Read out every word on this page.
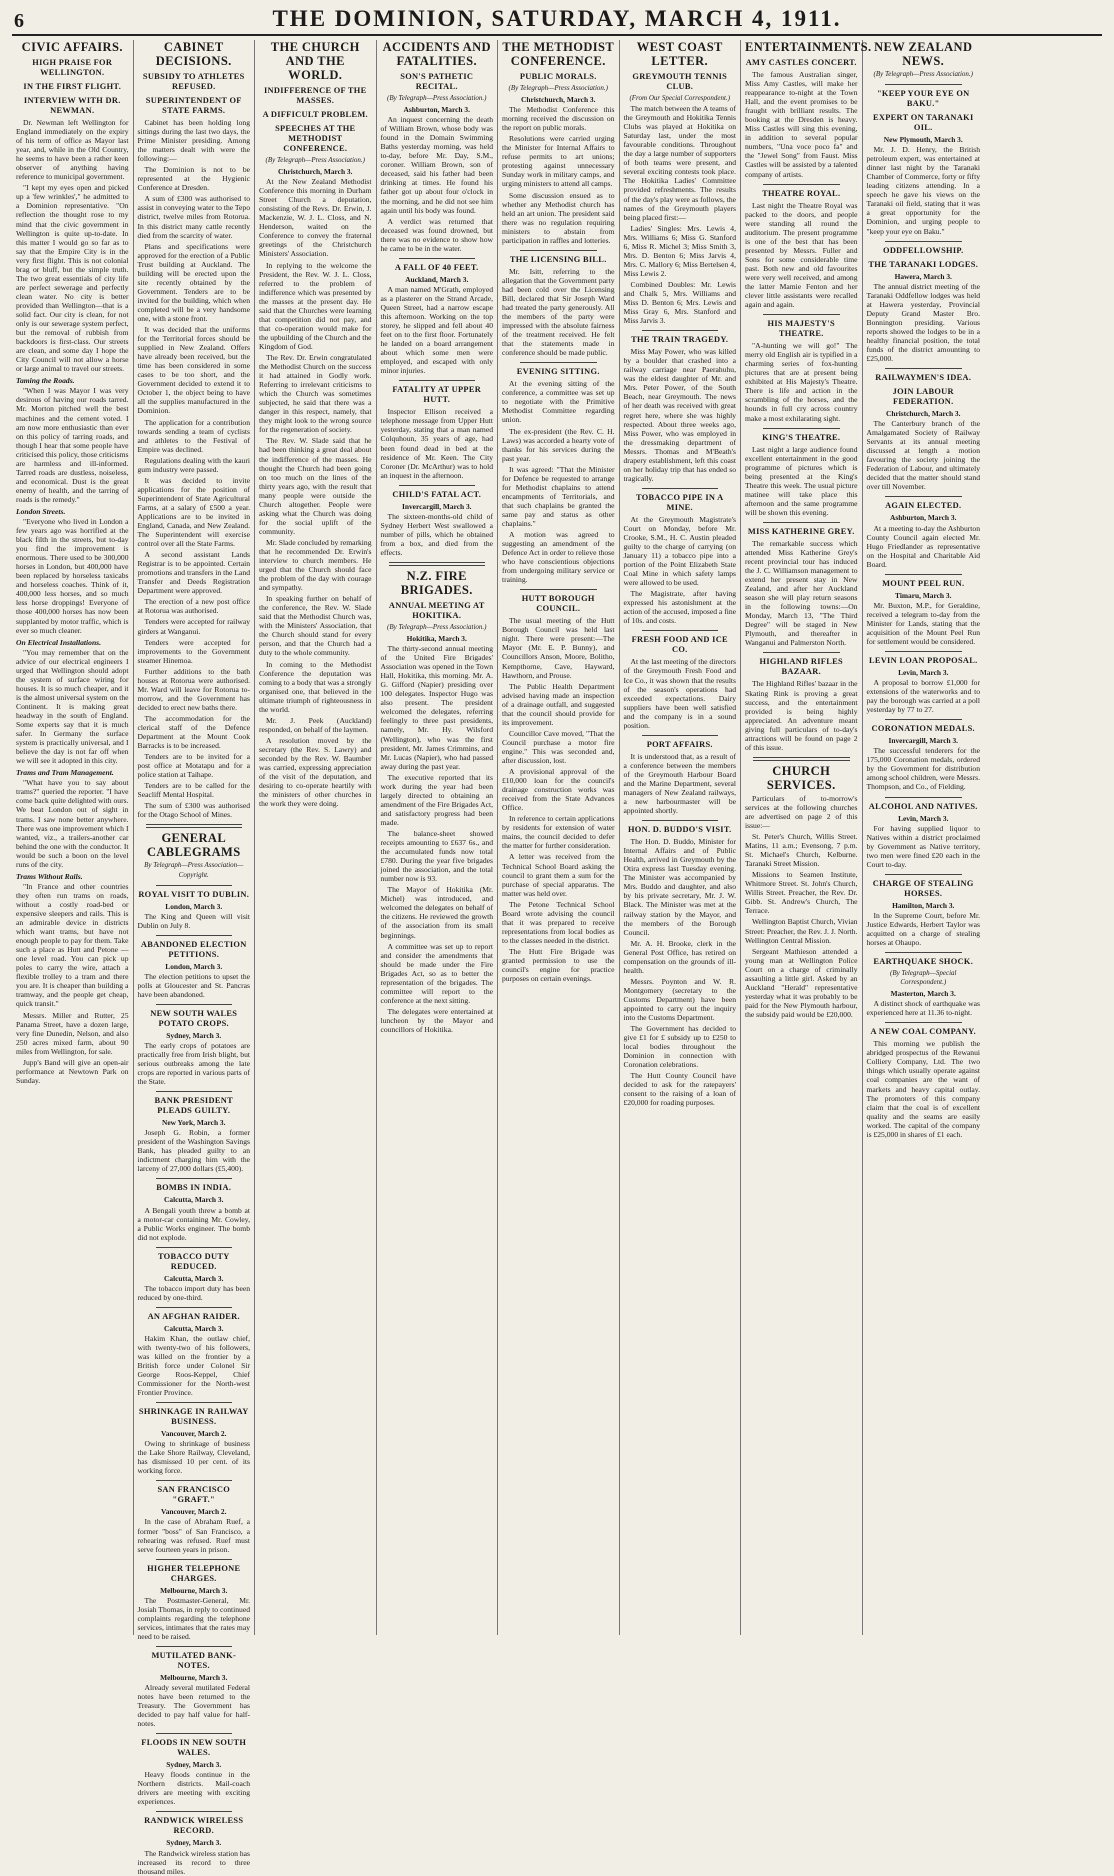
6	THE DOMINION, SATURDAY, MARCH 4, 1911.
CIVIC AFFAIRS.
HIGH PRAISE FOR WELLINGTON.
IN THE FIRST FLIGHT.
INTERVIEW WITH DR. NEWMAN.

Dr. Newman left Wellington for England immediately on the expiry of his term of office as Mayor last year, and, while in the Old Country, he seems to have been a rather keen observer of anything having reference to municipal government.

"I kept my eyes open and picked up a 'few wrinkles'," he admitted to a Dominion representative. "On reflection the thought rose to my mind that the civic government in Wellington is quite up-to-date. In this matter I would go so far as to say that the Empire City is in the very first flight. This is not colonial brag or bluff, but the simple truth. The two great essentials of city life are perfect sewerage and perfectly clean water. No city is better provided than Wellington—that is a solid fact. Our city is clean, for not only is our sewerage system perfect, but the removal of rubbish from backdoors is first-class. Our streets are clean, and some day I hope the City Council will not allow a horse or large animal to travel our streets.

Taming the Roads.

"When I was Mayor I was very desirous of having our roads tarred. Mr. Morton pitched well the best machines and the cement voted. I am now more enthusiastic than ever on this policy of tarring roads, and though I hear that some people have criticised this policy, those criticisms are harmless and ill-informed. Tarred roads are dustless, noiseless, and economical. Dust is the great enemy of health, and the tarring of roads is the remedy."

London Streets.

"Everyone who lived in London a few years ago was horrified at the black filth in the streets, but to-day you find the improvement is enormous. There used to be 300,000 horses in London, but 400,000 have been replaced by horseless taxicabs and horseless coaches. Think of it, 400,000 less horses, and so much less horse droppings! Everyone of those 400,000 horses has now been supplanted by motor traffic, which is ever so much cleaner.

On Electrical Installations.

"You may remember that on the advice of our electrical engineers I urged that Wellington should adopt the system of surface wiring for houses. It is so much cheaper, and it is the almost universal system on the Continent. It is making great headway in the south of England. Some experts say that it is much safer. In Germany the surface system is practically universal, and I believe the day is not far off when we will see it adopted in this city.

Trams and Tram Management.

"What have you to say about trams?" queried the reporter. "I have come back quite delighted with ours. We beat London out of sight in trams. I saw none better anywhere. There was one improvement which I wanted, viz., a trailers-another car behind the one with the conductor. It would be such a boon on the level runs of the city.

Trams Without Rails.

"In France and other countries they often run trams on roads, without a costly road-bed or expensive sleepers and rails. This is an admirable device in districts which want trams, but have not enough people to pay for them. Take such a place as Hutt and Petone —one level road. You can pick up poles to carry the wire, attach a flexible trolley to a tram and there you are. It is cheaper than building a tramway, and the people get cheap, quick transit."

Messrs. Miller and Rutter, 25 Panama Street, have a dozen large, very fine Dunedin, Nelson, and also 250 acres mixed farm, about 90 miles from Wellington, for sale.

Jupp's Band will give an open-air performance at Newtown Park on Sunday.

CABINET DECISIONS.
SUBSIDY TO ATHLETES REFUSED.
SUPERINTENDENT OF STATE FARMS.

Cabinet has been holding long sittings during the last two days, the Prime Minister presiding. Among the matters dealt with were the following:—

The Dominion is not to be represented at the Hygienic Conference at Dresden.

A sum of £300 was authorised to assist in conveying water to the Tepo district, twelve miles from Rotorua. In this district many cattle recently died from the scarcity of water.

Plans and specifications were approved for the erection of a Public Trust building at Auckland. The building will be erected upon the site recently obtained by the Government. Tenders are to be invited for the building, which when completed will be a very handsome one, with a stone front.

It was decided that the uniforms for the Territorial forces should be supplied in New Zealand. Offers have already been received, but the time has been considered in some cases to be too short, and the Government decided to extend it to October 1, the object being to have all the supplies manufactured in the Dominion.

The application for a contribution towards sending a team of cyclists and athletes to the Festival of Empire was declined.

Regulations dealing with the kauri gum industry were passed.

It was decided to invite applications for the position of Superintendent of State Agricultural Farms, at a salary of £500 a year. Applications are to be invited in England, Canada, and New Zealand. The Superintendent will exercise control over all the State Farms.

A second assistant Lands Registrar is to be appointed. Certain promotions and transfers in the Land Transfer and Deeds Registration Department were approved.

The erection of a new post office at Rotorua was authorised.

Tenders were accepted for railway girders at Wanganui.

Tenders were accepted for improvements to the Government steamer Hinemoa.

Further additions to the bath houses at Rotorua were authorised. Mr. Ward will leave for Rotorua to-morrow, and the Government has decided to erect new baths there.

The accommodation for the clerical staff of the Defence Department at the Mount Cook Barracks is to be increased.

Tenders are to be invited for a post office at Motatapu and for a police station at Taihape.

Tenders are to be called for the Seacliff Mental Hospital.

The sum of £300 was authorised for the Otago School of Mines.

GENERAL CABLEGRAMS
By Telegraph—Press Association—Copyright.
ROYAL VISIT TO DUBLIN.
London, March 3.

The King and Queen will visit Dublin on July 8.

ABANDONED ELECTION PETITIONS.
London, March 3.

The election petitions to upset the polls at Gloucester and St. Pancras have been abandoned.

NEW SOUTH WALES POTATO CROPS.
Sydney, March 3.

The early crops of potatoes are practically free from Irish blight, but serious outbreaks among the late crops are reported in various parts of the State.

BANK PRESIDENT PLEADS GUILTY.
New York, March 3.

Joseph G. Robin, a former president of the Washington Savings Bank, has pleaded guilty to an indictment charging him with the larceny of 27,000 dollars (£5,400).

BOMBS IN INDIA.
Calcutta, March 3.

A Bengali youth threw a bomb at a motor-car containing Mr. Cowley, a Public Works engineer. The bomb did not explode.

TOBACCO DUTY REDUCED.
Calcutta, March 3.

The tobacco import duty has been reduced by one-third.

AN AFGHAN RAIDER.
Calcutta, March 3.

Hakim Khan, the outlaw chief, with twenty-two of his followers, was killed on the frontier by a British force under Colonel Sir George Roos-Keppel, Chief Commissioner for the North-west Frontier Province.

SHRINKAGE IN RAILWAY BUSINESS.
Vancouver, March 2.

Owing to shrinkage of business the Lake Shore Railway, Cleveland, has dismissed 10 per cent. of its working force.

SAN FRANCISCO "GRAFT."
Vancouver, March 2.

In the case of Abraham Ruef, a former "boss" of San Francisco, a rehearing was refused. Ruef must serve fourteen years in prison.

HIGHER TELEPHONE CHARGES.
Melbourne, March 3.

The Postmaster-General, Mr. Josiah Thomas, in reply to continued complaints regarding the telephone services, intimates that the rates may need to be raised.

MUTILATED BANK-NOTES.
Melbourne, March 3.

Already several mutilated Federal notes have been returned to the Treasury. The Government has decided to pay half value for half-notes.

FLOODS IN NEW SOUTH WALES.
Sydney, March 3.

Heavy floods continue in the Northern districts. Mail-coach drivers are meeting with exciting experiences.

RANDWICK WIRELESS RECORD.
Sydney, March 3.

The Randwick wireless station has increased its record to three thousand miles.

THE CHURCH AND THE WORLD.
INDIFFERENCE OF THE MASSES.
A DIFFICULT PROBLEM.
SPEECHES AT THE METHODIST CONFERENCE.
(By Telegraph—Press Association.)
Christchurch, March 3.

At the New Zealand Methodist Conference this morning in Durham Street Church a deputation, consisting of the Revs. Dr. Erwin, J. Mackenzie, W. J. L. Closs, and N. Henderson, waited on the Conference to convey the fraternal greetings of the Christchurch Ministers' Association.

In replying to the welcome the President, the Rev. W. J. L. Closs, referred to the problem of indifference which was presented by the masses at the present day. He said that the Churches were learning that competition did not pay, and that co-operation would make for the upbuilding of the Church and the Kingdom of God.

The Rev. Dr. Erwin congratulated the Methodist Church on the success it had attained in Godly work. Referring to irrelevant criticisms to which the Church was sometimes subjected, he said that there was a danger in this respect, namely, that they might look to the wrong source for the regeneration of society.

The Rev. W. Slade said that he had been thinking a great deal about the indifference of the masses. He thought the Church had been going on too much on the lines of the thirty years ago, with the result that many people were outside the Church altogether. People were asking what the Church was doing for the social uplift of the community.

Mr. Slade concluded by remarking that he recommended Dr. Erwin's interview to church members. He urged that the Church should face the problem of the day with courage and sympathy.

In speaking further on behalf of the conference, the Rev. W. Slade said that the Methodist Church was, with the Ministers' Association, that the Church should stand for every person, and that the Church had a duty to the whole community.

In coming to the Methodist Conference the deputation was coming to a body that was a strongly organised one, that believed in the ultimate triumph of righteousness in the world.

Mr. J. Peek (Auckland) responded, on behalf of the laymen.

A resolution moved by the secretary (the Rev. S. Lawry) and seconded by the Rev. W. Baumber was carried, expressing appreciation of the visit of the deputation, and desiring to co-operate heartily with the ministers of other churches in the work they were doing.

ACCIDENTS AND FATALITIES.
SON'S PATHETIC RECITAL.
(By Telegraph—Press Association.)
Ashburton, March 3.

An inquest concerning the death of William Brown, whose body was found in the Domain Swimming Baths yesterday morning, was held to-day, before Mr. Day, S.M., coroner. William Brown, son of deceased, said his father had been drinking at times. He found his father got up about four o'clock in the morning, and he did not see him again until his body was found.

A verdict was returned that deceased was found drowned, but there was no evidence to show how he came to be in the water.

A FALL OF 40 FEET.
Auckland, March 3.

A man named M'Grath, employed as a plasterer on the Strand Arcade, Queen Street, had a narrow escape this afternoon. Working on the top storey, he slipped and fell about 40 feet on to the first floor. Fortunately he landed on a board arrangement about which some men were employed, and escaped with only minor injuries.

FATALITY AT UPPER HUTT.

Inspector Ellison received a telephone message from Upper Hutt yesterday, stating that a man named Colquhoun, 35 years of age, had been found dead in bed at the residence of Mr. Keen. The City Coroner (Dr. McArthur) was to hold an inquest in the afternoon.

CHILD'S FATAL ACT.
Invercargill, March 3.

The sixteen-months-old child of Sydney Herbert West swallowed a number of pills, which he obtained from a box, and died from the effects.

N.Z. FIRE BRIGADES.
ANNUAL MEETING AT HOKITIKA.
(By Telegraph—Press Association.)
Hokitika, March 3.

The thirty-second annual meeting of the United Fire Brigades' Association was opened in the Town Hall, Hokitika, this morning. Mr. A. G. Gifford (Napier) presiding over 100 delegates. Inspector Hugo was also present. The president welcomed the delegates, referring feelingly to three past presidents, namely, Mr. Hy. Wilsford (Wellington), who was the first president, Mr. James Crimmins, and Mr. Lucas (Napier), who had passed away during the past year.

The executive reported that its work during the year had been largely directed to obtaining an amendment of the Fire Brigades Act, and satisfactory progress had been made.

The balance-sheet showed receipts amounting to £637 6s., and the accumulated funds now total £780. During the year five brigades joined the association, and the total number now is 93.

The Mayor of Hokitika (Mr. Michel) was introduced, and welcomed the delegates on behalf of the citizens. He reviewed the growth of the association from its small beginnings.

A committee was set up to report and consider the amendments that should be made under the Fire Brigades Act, so as to better the representation of the brigades. The committee will report to the conference at the next sitting.

The delegates were entertained at luncheon by the Mayor and councillors of Hokitika.

THE METHODIST CONFERENCE.
PUBLIC MORALS.
(By Telegraph—Press Association.)
Christchurch, March 3.

The Methodist Conference this morning received the discussion on the report on public morals.

Resolutions were carried urging the Minister for Internal Affairs to refuse permits to art unions; protesting against unnecessary Sunday work in military camps, and urging ministers to attend all camps.

Some discussion ensued as to whether any Methodist church has held an art union. The president said there was no regulation requiring ministers to abstain from participation in raffles and lotteries.

THE LICENSING BILL.

Mr. Isitt, referring to the allegation that the Government party had been cold over the Licensing Bill, declared that Sir Joseph Ward had treated the party generously. All the members of the party were impressed with the absolute fairness of the treatment received. He felt that the statements made in conference should be made public.

EVENING SITTING.

At the evening sitting of the conference, a committee was set up to negotiate with the Primitive Methodist Committee regarding union.

The ex-president (the Rev. C. H. Laws) was accorded a hearty vote of thanks for his services during the past year.

It was agreed: "That the Minister for Defence be requested to arrange for Methodist chaplains to attend encampments of Territorials, and that such chaplains be granted the same pay and status as other chaplains."

A motion was agreed to suggesting an amendment of the Defence Act in order to relieve those who have conscientious objections from undergoing military service or training.

HUTT BOROUGH COUNCIL.

The usual meeting of the Hutt Borough Council was held last night. There were present:—The Mayor (Mr. E. P. Bunny), and Councillors Anson, Moore, Bolitho, Kempthorne, Cave, Hayward, Hawthorn, and Prouse.

The Public Health Department advised having made an inspection of a drainage outfall, and suggested that the council should provide for its improvement.

Councillor Cave moved, "That the Council purchase a motor fire engine." This was seconded and, after discussion, lost.

A provisional approval of the £10,000 loan for the council's drainage construction works was received from the State Advances Office.

In reference to certain applications by residents for extension of water mains, the council decided to defer the matter for further consideration.

A letter was received from the Technical School Board asking the council to grant them a sum for the purchase of special apparatus. The matter was held over.

The Petone Technical School Board wrote advising the council that it was prepared to receive representations from local bodies as to the classes needed in the district.

The Hutt Fire Brigade was granted permission to use the council's engine for practice purposes on certain evenings.

WEST COAST LETTER.
GREYMOUTH TENNIS CLUB.
(From Our Special Correspondent.)

The match between the A teams of the Greymouth and Hokitika Tennis Clubs was played at Hokitika on Saturday last, under the most favourable conditions. Throughout the day a large number of supporters of both teams were present, and several exciting contests took place. The Hokitika Ladies' Committee provided refreshments. The results of the day's play were as follows, the names of the Greymouth players being placed first:—

Ladies' Singles: Mrs. Lewis 4, Mrs. Williams 6; Miss G. Stanford 6, Miss R. Michel 3; Miss Smith 3, Mrs. D. Benton 6; Miss Jarvis 4, Mrs. C. Mallory 6; Miss Bertelsen 4, Miss Lewis 2.

Combined Doubles: Mr. Lewis and Chalk 5, Mrs. Williams and Miss D. Benton 6; Mrs. Lewis and Miss Gray 6, Mrs. Stanford and Miss Jarvis 3.

THE TRAIN TRAGEDY.

Miss May Power, who was killed by a boulder that crashed into a railway carriage near Paerahuhu, was the eldest daughter of Mr. and Mrs. Peter Power, of the South Beach, near Greymouth. The news of her death was received with great regret here, where she was highly respected. About three weeks ago, Miss Power, who was employed in the dressmaking department of Messrs. Thomas and M'Beath's drapery establishment, left this coast on her holiday trip that has ended so tragically.

TOBACCO PIPE IN A MINE.

At the Greymouth Magistrate's Court on Monday, before Mr. Crooke, S.M., H. C. Austin pleaded guilty to the charge of carrying (on January 11) a tobacco pipe into a portion of the Point Elizabeth State Coal Mine in which safety lamps were allowed to be used.

The Magistrate, after having expressed his astonishment at the action of the accused, imposed a fine of 10s. and costs.

FRESH FOOD AND ICE CO.

At the last meeting of the directors of the Greymouth Fresh Food and Ice Co., it was shown that the results of the season's operations had exceeded expectations. Dairy suppliers have been well satisfied and the company is in a sound position.

PORT AFFAIRS.

It is understood that, as a result of a conference between the members of the Greymouth Harbour Board and the Marine Department, several managers of New Zealand railways, a new harbourmaster will be appointed shortly.

HON. D. BUDDO'S VISIT.

The Hon. D. Buddo, Minister for Internal Affairs and of Public Health, arrived in Greymouth by the Otira express last Tuesday evening. The Minister was accompanied by Mrs. Buddo and daughter, and also by his private secretary, Mr. J. W. Black. The Minister was met at the railway station by the Mayor, and the members of the Borough Council.

Mr. A. H. Brooke, clerk in the General Post Office, has retired on compensation on the grounds of ill-health.

Messrs. Poynton and W. R. Montgomery (secretary to the Customs Department) have been appointed to carry out the inquiry into the Customs Department.

The Government has decided to give £1 for £ subsidy up to £250 to local bodies throughout the Dominion in connection with Coronation celebrations.

The Hutt County Council have decided to ask for the ratepayers' consent to the raising of a loan of £20,000 for roading purposes.

ENTERTAINMENTS.
AMY CASTLES CONCERT.

The famous Australian singer, Miss Amy Castles, will make her reappearance to-night at the Town Hall, and the event promises to be fraught with brilliant results. The booking at the Dresden is heavy. Miss Castles will sing this evening, in addition to several popular numbers, "Una voce poco fa" and the "Jewel Song" from Faust. Miss Castles will be assisted by a talented company of artists.

THEATRE ROYAL.

Last night the Theatre Royal was packed to the doors, and people were standing all round the auditorium. The present programme is one of the best that has been presented by Messrs. Fuller and Sons for some considerable time past. Both new and old favourites were very well received, and among the latter Mamie Fenton and her clever little assistants were recalled again and again.

HIS MAJESTY'S THEATRE.

"A-hunting we will go!" The merry old English air is typified in a charming series of fox-hunting pictures that are at present being exhibited at His Majesty's Theatre. There is life and action in the scrambling of the horses, and the hounds in full cry across country make a most exhilarating sight.

KING'S THEATRE.

Last night a large audience found excellent entertainment in the good programme of pictures which is being presented at the King's Theatre this week. The usual picture matinee will take place this afternoon and the same programme will be shown this evening.

MISS KATHERINE GREY.

The remarkable success which attended Miss Katherine Grey's recent provincial tour has induced the J. C. Williamson management to extend her present stay in New Zealand, and after her Auckland season she will play return seasons in the following towns:—On Monday, March 13, "The Third Degree" will be staged in New Plymouth, and thereafter in Wanganui and Palmerston North.

HIGHLAND RIFLES BAZAAR.

The Highland Rifles' bazaar in the Skating Rink is proving a great success, and the entertainment provided is being highly appreciated. An adventure meant giving full particulars of to-day's attractions will be found on page 2 of this issue.

CHURCH SERVICES.

Particulars of to-morrow's services at the following churches are advertised on page 2 of this issue:—

St. Peter's Church, Willis Street. Matins, 11 a.m.; Evensong, 7 p.m. St. Michael's Church, Kelburne. Taranaki Street Mission.

Missions to Seamen Institute, Whitmore Street. St. John's Church, Willis Street. Preacher, the Rev. Dr. Gibb. St. Andrew's Church, The Terrace.

Wellington Baptist Church, Vivian Street: Preacher, the Rev. J. J. North. Wellington Central Mission.

Sergeant Mathieson attended a young man at Wellington Police Court on a charge of criminally assaulting a little girl. Asked by an Auckland "Herald" representative yesterday what it was probably to be paid for the New Plymouth harbour, the subsidy paid would be £20,000.

NEW ZEALAND NEWS.
(By Telegraph—Press Association.)
"KEEP YOUR EYE ON BAKU."
EXPERT ON TARANAKI OIL.
New Plymouth, March 3.

Mr. J. D. Henry, the British petroleum expert, was entertained at dinner last night by the Taranaki Chamber of Commerce, forty or fifty leading citizens attending. In a speech he gave his views on the Taranaki oil field, stating that it was a great opportunity for the Dominion, and urging people to "keep your eye on Baku."

ODDFELLOWSHIP.
THE TARANAKI LODGES.
Hawera, March 3.

The annual district meeting of the Taranaki Oddfellow lodges was held at Hawera yesterday, Provincial Deputy Grand Master Bro. Bonnington presiding. Various reports showed the lodges to be in a healthy financial position, the total funds of the district amounting to £25,000.

RAILWAYMEN'S IDEA.
JOIN LABOUR FEDERATION.
Christchurch, March 3.

The Canterbury branch of the Amalgamated Society of Railway Servants at its annual meeting discussed at length a motion favouring the society joining the Federation of Labour, and ultimately decided that the matter should stand over till November.

AGAIN ELECTED.
Ashburton, March 3.

At a meeting to-day the Ashburton County Council again elected Mr. Hugo Friedlander as representative on the Hospital and Charitable Aid Board.

MOUNT PEEL RUN.
Timaru, March 3.

Mr. Buxton, M.P., for Geraldine, received a telegram to-day from the Minister for Lands, stating that the acquisition of the Mount Peel Run for settlement would be considered.

LEVIN LOAN PROPOSAL.
Levin, March 3.

A proposal to borrow £1,000 for extensions of the waterworks and to pay the borough was carried at a poll yesterday by 77 to 27.

CORONATION MEDALS.
Invercargill, March 3.

The successful tenderers for the 175,000 Coronation medals, ordered by the Government for distribution among school children, were Messrs. Thompson, and Co., of Fielding.

ALCOHOL AND NATIVES.
Levin, March 3.

For having supplied liquor to Natives within a district proclaimed by Government as Native territory, two men were fined £20 each in the Court to-day.

CHARGE OF STEALING HORSES.
Hamilton, March 3.

In the Supreme Court, before Mr. Justice Edwards, Herbert Taylor was acquitted on a charge of stealing horses at Ohaupo.

EARTHQUAKE SHOCK.
(By Telegraph—Special Correspondent.)
Masterton, March 3.

A distinct shock of earthquake was experienced here at 11.36 to-night.

A NEW COAL COMPANY.

This morning we publish the abridged prospectus of the Rewanui Colliery Company, Ltd. The two things which usually operate against coal companies are the want of markets and heavy capital outlay. The promoters of this company claim that the coal is of excellent quality and the seams are easily worked. The capital of the company is £25,000 in shares of £1 each.
